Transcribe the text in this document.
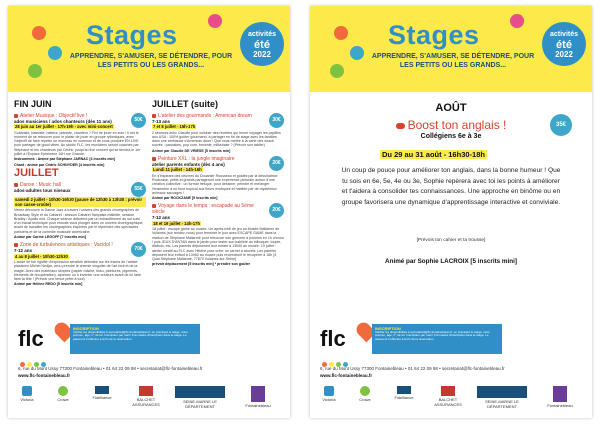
Stages
APPRENDRE, S'AMUSER, SE DÉTENDRE, POUR LES PETITS OU LES GRANDS...
activités
été
2022
FIN JUIN
50€
Atelier Musique : Objectif live !
ados musiciens / ados chanteurs (dès 11 ans)
28 juin au 1er juillet - 17h-19h - avec mini-concert
Guitariste, bassiste, batteur, pianiste, chanteur ? Fini de jouer en solo ! Il est le moment de se retrouver pour le plaisir de jouer en groupe rythmiques, avec l'objectif de faire répéter un morceau en commun et de vous produire EN LIVE pour partager de good vibes. Au studio FLC, les musiciens seront coachés par Stéphane et les chanteurs par Cédric, jusqu'au live concert qui se tiendra le 1er juillet à l'Espace Ephémère 16H rue Grande.
Instruments : Animé par Stéphane JARNAC [4 inscrits min]
Chant : animé par Cédric SCHNYDER [4 inscrits min]
JUILLET
55€
Danse : Music hall
ados-adultes tous niveaux
samedi 2 juillet - 10h30-16h30 (pause de 12h30 à 13h30 : prévoir son casse-croûte)
Venez découvrir la Danse Jazz à travers l'univers des grands chorégraphes de Broadway Style et du Cabaret : session Cabaret française-mallette, session Bradby / Apollo mid. Chaque séance débutera par un échauffement au sol suivi d'un travail technique pour ensuite vous plonger dans un univers chorégraphique, avant de travailler les chorégraphies inspirées par le répertoire des spectacles parisiens et de la comédie musicale américaine.
Animé par Carine LEGOFF [7 inscrits min]
70€
Zone de turbulences artistiques : Vacidol !
7-12 ans
4 au 8 juillet - 10h30-12h30
L'acide se tue rigidité d'expression sensible débridée sur les traces de l'artiste plasticien Michel Nedjar, venu prendre le chemin singulier de l'art brut et de la magie. Avec des matériaux simples (papier mâché, tissu, peintures, pigments, éléments de récupération), aprenez un à inventer une créature avant de lui faire faire la fête ! (Prévoir une tenue prête à tout)
Animé par Hélène REDO [5 inscrits min]
JUILLET (suite)
30€
L'atelier des gourmands : American dream
7-13 ans
7 et 8 juillet - 15h-17h
2 séances avec Claudie pour cuisiner des recettes qui feront voyager les papilles aux USA : 100% goûter gourmand, à partager en fin de stage avec les familles dans une ambiance d'American diner ! Que vous mettre à la carte des snack sucrés : pancakes, pop corn, brownie, milkshake ? (Prévoir son tablier)
Animé par Claudie DE VRIESE [5 inscrits min]
20€
Peinture XXL : la jungle imaginaire
atelier parents enfants (dès 4 ans)
Lundi 11 juillet - 14h-16h
En s'inspirant des oeuvres du Douanier Rousseau et guidés par la dessinatrice Rockzane, petits et grands partageront une expérience picturale autour d'une création collective : un format fresque, pour dessiner, peindre et mélanger l'ensemble à un fond tropical aux fleurs exotiques et habitée par de mystérieux animaux sauvages !
Animé par ROCKZANE [5 inscrits min]
20€
Voyage dans le temps : escapade au 5ème siècle
7-12 ans
18 et 19 juillet - 14h-17h
18 juillet : escape game au musée. Un après-midi de jeu au Musée Mallarmé de Vulaines (sur rendez-vous) pour terminer le jour avec ESCAPE GAME dans la maison de Stéphane Mallarmé pour retrouver son grimoire à poèmes en 1h chrono ! puis JEUX D'ANTAN dans le jardin pour tester son habileté au bilboquet, toupie, diabolo, etc. Les parents déposeront leur enfant à 13h50 au musée. 19 juillet : atelier créatif au FLC avec Hélène pour créer un carnet à secrets. Les parents déposent leur enfant à 13h50 au musée puis reviendront le récupérer à 16h [4 Quai Stéphane Mallarmé, 77870 Vulaines-sur-Seine]
prévoir déplacement [5 inscrits min] * prendre son goûter
flc	INSCRIPTION
Vérifier les disponibilités à secretariat@flc-fontainebleau.fr, en précisant le stage, votre prénom, âge, n° de tél. Inscription par mail / Formulaire d'inscription dans le stage. Le paiement s'effectue à la fin de la réservation.
6, rue du Mont Ussy 77300 Fontainebleau • 01 64 22 09 98 • secretariat@flc-fontainebleau.fr
www.flc-fontainebleau.fr
Victoria	Crowe	Fidelliance	BALCHET ASSURANCES
SEINE-MARNE LE DÉPARTEMENT	Fontainebleau
Stages
APPRENDRE, S'AMUSER, SE DÉTENDRE, POUR LES PETITS OU LES GRANDS...
activités
été
2022
AOÛT
Boost ton anglais !	35€
Collégiens 6e à 3e
Du 29 au 31 août - 16h30-18h
Un coup de pouce pour améliorer ton anglais, dans la bonne humeur ! Que tu sois en 6e, 5e, 4e ou 3e, Sophie repèrera avec toi les points à améliorer et t'aidera à consolider tes connaissances. Une approche en binôme ou en groupe favorisera une dynamique d'apprentissage interactive et conviviale.
[Prévois ton cahier et ta trousse]
Animé par Sophie LACROIX [5 inscrits mini]
flc	INSCRIPTION
Vérifier les disponibilités à secretariat@flc-fontainebleau.fr, en précisant le stage, votre prénom, âge, n° de tél. Inscription par mail / Formulaire d'inscription dans le stage. Le paiement s'effectue à la fin de la réservation.
6, rue du Mont Ussy 77300 Fontainebleau • 01 64 22 09 98 • secretariat@flc-fontainebleau.fr
www.flc-fontainebleau.fr
Victoria	Crowe	Fidelliance	BALCHET ASSURANCES
SEINE-MARNE LE DÉPARTEMENT	Fontainebleau
